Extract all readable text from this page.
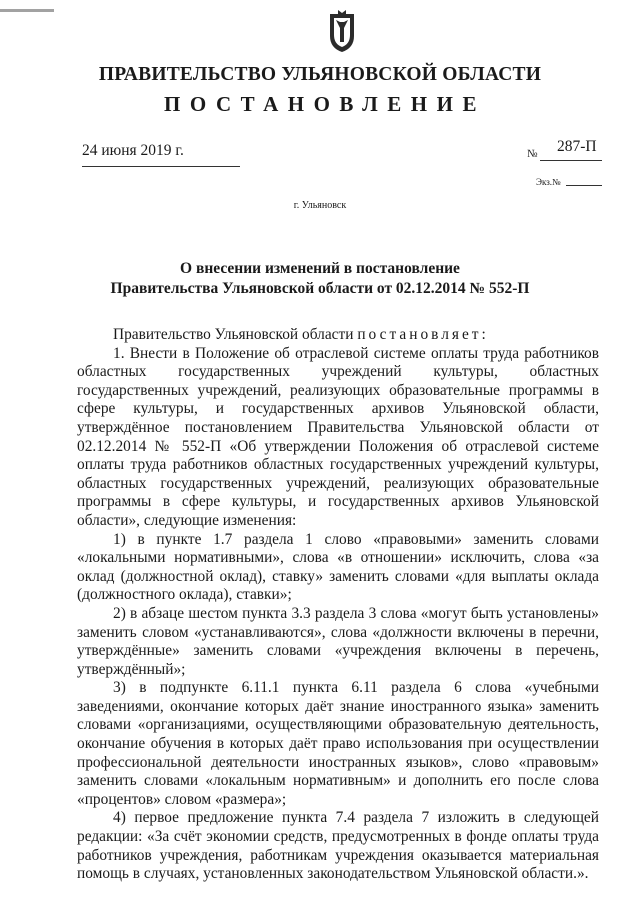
ПРАВИТЕЛЬСТВО УЛЬЯНОВСКОЙ ОБЛАСТИ
ПОСТАНОВЛЕНИЕ
24 июня 2019 г.	№ 287-П
Экз.№
г. Ульяновск
О внесении изменений в постановление
Правительства Ульяновской области от 02.12.2014 № 552-П

Правительство Ульяновской области постановляет:

1. Внести в Положение об отраслевой системе оплаты труда работников областных государственных учреждений культуры, областных государственных учреждений, реализующих образовательные программы в сфере культуры, и государственных архивов Ульяновской области, утверждённое постановлением Правительства Ульяновской области от 02.12.2014 № 552-П «Об утверждении Положения об отраслевой системе оплаты труда работников областных государственных учреждений культуры, областных государственных учреждений, реализующих образовательные программы в сфере культуры, и государственных архивов Ульяновской области», следующие изменения:

1) в пункте 1.7 раздела 1 слово «правовыми» заменить словами «локальными нормативными», слова «в отношении» исключить, слова «за оклад (должностной оклад), ставку» заменить словами «для выплаты оклада (должностного оклада), ставки»;

2) в абзаце шестом пункта 3.3 раздела 3 слова «могут быть установлены» заменить словом «устанавливаются», слова «должности включены в перечни, утверждённые» заменить словами «учреждения включены в перечень, утверждённый»;

3) в подпункте 6.11.1 пункта 6.11 раздела 6 слова «учебными заведениями, окончание которых даёт знание иностранного языка» заменить словами «организациями, осуществляющими образовательную деятельность, окончание обучения в которых даёт право использования при осуществлении профессиональной деятельности иностранных языков», слово «правовым» заменить словами «локальным нормативным» и дополнить его после слова «процентов» словом «размера»;

4) первое предложение пункта 7.4 раздела 7 изложить в следующей редакции: «За счёт экономии средств, предусмотренных в фонде оплаты труда работников учреждения, работникам учреждения оказывается материальная помощь в случаях, установленных законодательством Ульяновской области.».
